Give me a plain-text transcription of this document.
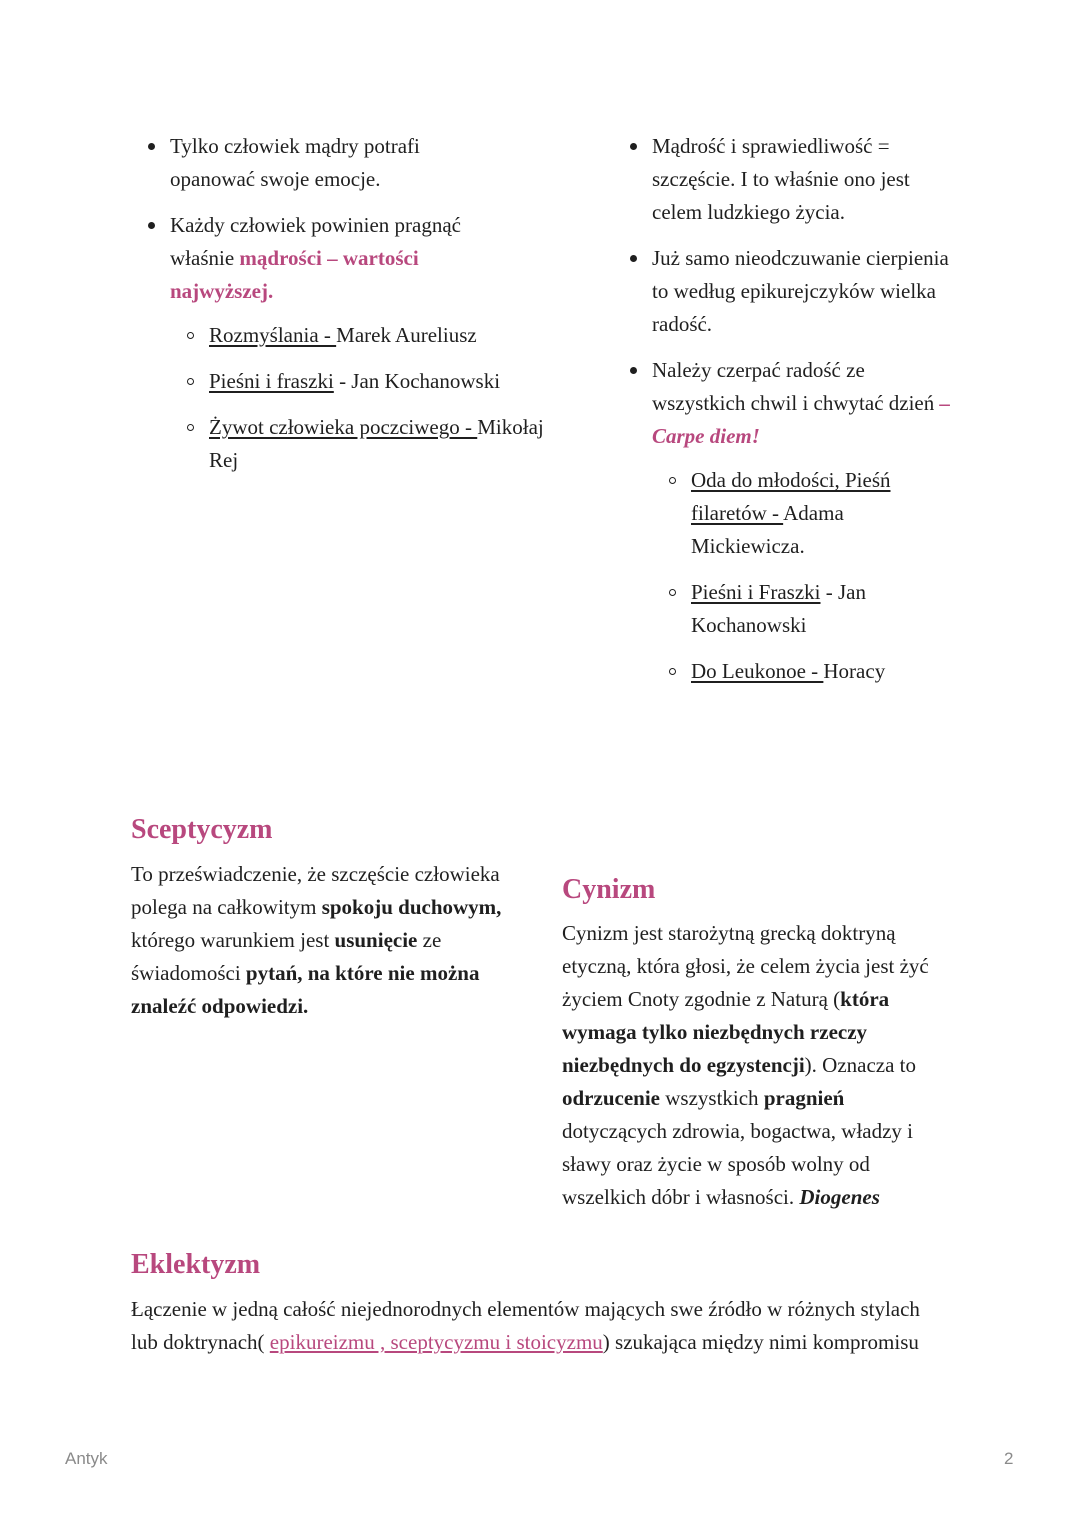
Tylko człowiek mądry potrafi opanować swoje emocje.
Każdy człowiek powinien pragnąć właśnie mądrości – wartości najwyższej.
Rozmyślania - Marek Aureliusz
Pieśni i fraszki - Jan Kochanowski
Żywot człowieka poczciwego - Mikołaj Rej
Mądrość i sprawiedliwość = szczęście. I to właśnie ono jest celem ludzkiego życia.
Już samo nieodczuwanie cierpienia to według epikurejczyków wielka radość.
Należy czerpać radość ze wszystkich chwil i chwytać dzień – Carpe diem!
Oda do młodości, Pieśń filaretów - Adama Mickiewicza.
Pieśni i Fraszki - Jan Kochanowski
Do Leukonoe - Horacy
Sceptycyzm

To przeświadczenie, że szczęście człowieka polega na całkowitym spokoju duchowym, którego warunkiem jest usunięcie ze świadomości pytań, na które nie można znaleźć odpowiedzi.

Cynizm

Cynizm jest starożytną grecką doktryną etyczną, która głosi, że celem życia jest żyć życiem Cnoty zgodnie z Naturą (która wymaga tylko niezbędnych rzeczy niezbędnych do egzystencji). Oznacza to odrzucenie wszystkich pragnień dotyczących zdrowia, bogactwa, władzy i sławy oraz życie w sposób wolny od wszelkich dóbr i własności. Diogenes

Eklektyzm

Łączenie w jedną całość niejednorodnych elementów mających swe źródło w różnych stylach lub doktrynach( epikureizmu , sceptycyzmu i stoicyzmu) szukająca między nimi kompromisu

Antyk	2
